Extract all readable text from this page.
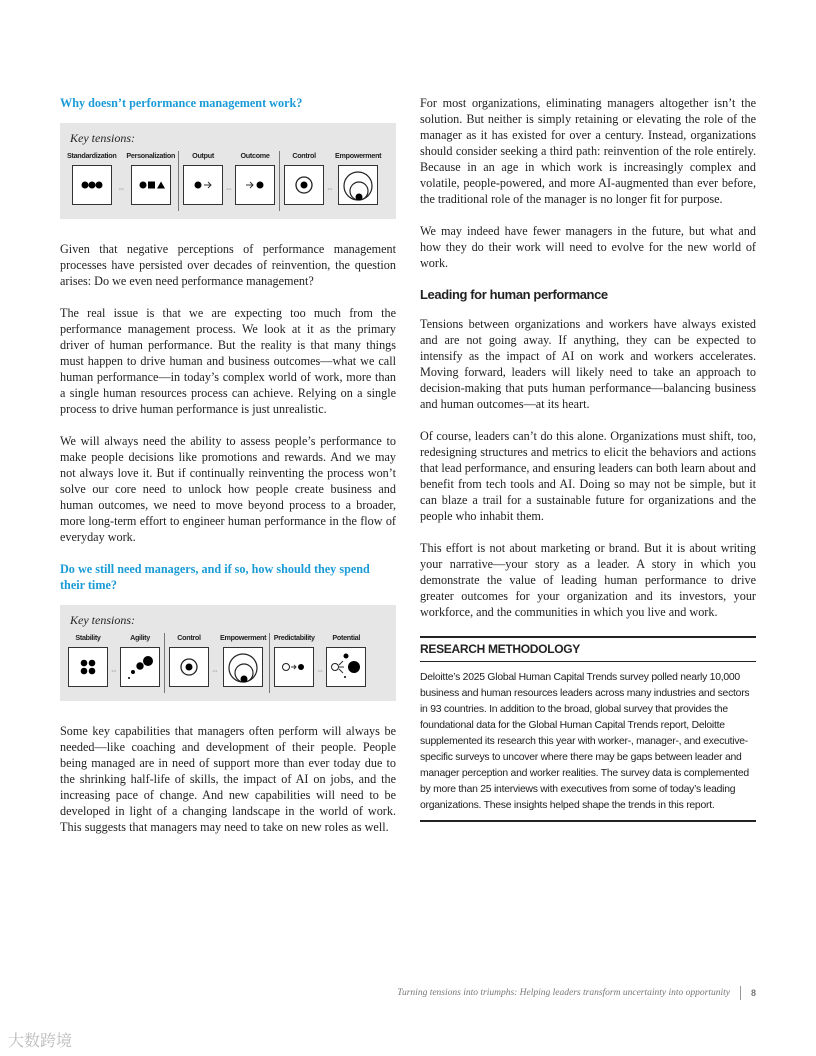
Why doesn’t performance management work?
Key tensions:
Standardization
⇔
Personalization	Output
⇔
Outcome	Control
⇔
Empowerment

Given that negative perceptions of performance management processes have persisted over decades of reinvention, the question arises: Do we even need performance management?

The real issue is that we are expecting too much from the performance management process. We look at it as the primary driver of human performance. But the reality is that many things must happen to drive human and business outcomes—what we call human performance—in today’s complex world of work, more than a single human resources process can achieve. Relying on a single process to drive human performance is just unrealistic.

We will always need the ability to assess people’s performance to make people decisions like promotions and rewards. And we may not always love it. But if continually reinventing the process won’t solve our core need to unlock how people create business and human outcomes, we need to move beyond process to a broader, more long-term effort to engineer human performance in the flow of everyday work.

Do we still need managers, and if so, how should they spend their time?
Key tensions:
Stability
⇔
Agility	Control
⇔
Empowerment Predictability
⇔
Potential

Some key capabilities that managers often perform will always be needed—like coaching and development of their people. People being managed are in need of support more than ever today due to the shrinking half-life of skills, the impact of AI on jobs, and the increasing pace of change. And new capabilities will need to be developed in light of a changing landscape in the world of work. This suggests that managers may need to take on new roles as well.

For most organizations, eliminating managers altogether isn’t the solution. But neither is simply retaining or elevating the role of the manager as it has existed for over a century. Instead, organizations should consider seeking a third path: reinvention of the role entirely. Because in an age in which work is increasingly complex and volatile, people-powered, and more AI-augmented than ever before, the traditional role of the manager is no longer fit for purpose.

We may indeed have fewer managers in the future, but what and how they do their work will need to evolve for the new world of work.

Leading for human performance

Tensions between organizations and workers have always existed and are not going away. If anything, they can be expected to intensify as the impact of AI on work and workers accelerates. Moving forward, leaders will likely need to take an approach to decision-making that puts human performance—balancing business and human outcomes—at its heart.

Of course, leaders can’t do this alone. Organizations must shift, too, redesigning structures and metrics to elicit the behaviors and actions that lead performance, and ensuring leaders can both learn about and benefit from tech tools and AI. Doing so may not be simple, but it can blaze a trail for a sustainable future for organizations and the people who inhabit them.

This effort is not about marketing or brand. But it is about writing your narrative—your story as a leader. A story in which you demonstrate the value of leading human performance to drive greater outcomes for your organization and its investors, your workforce, and the communities in which you live and work.

RESEARCH METHODOLOGY

Deloitte’s 2025 Global Human Capital Trends survey polled nearly 10,000 business and human resources leaders across many industries and sectors in 93 countries. In addition to the broad, global survey that provides the foundational data for the Global Human Capital Trends report, Deloitte supplemented its research this year with worker-, manager-, and executive-specific surveys to uncover where there may be gaps between leader and manager perception and worker realities. The survey data is complemented by more than 25 interviews with executives from some of today’s leading organizations. These insights helped shape the trends in this report.

Turning tensions into triumphs: Helping leaders transform uncertainty into opportunity 8
大数跨境
